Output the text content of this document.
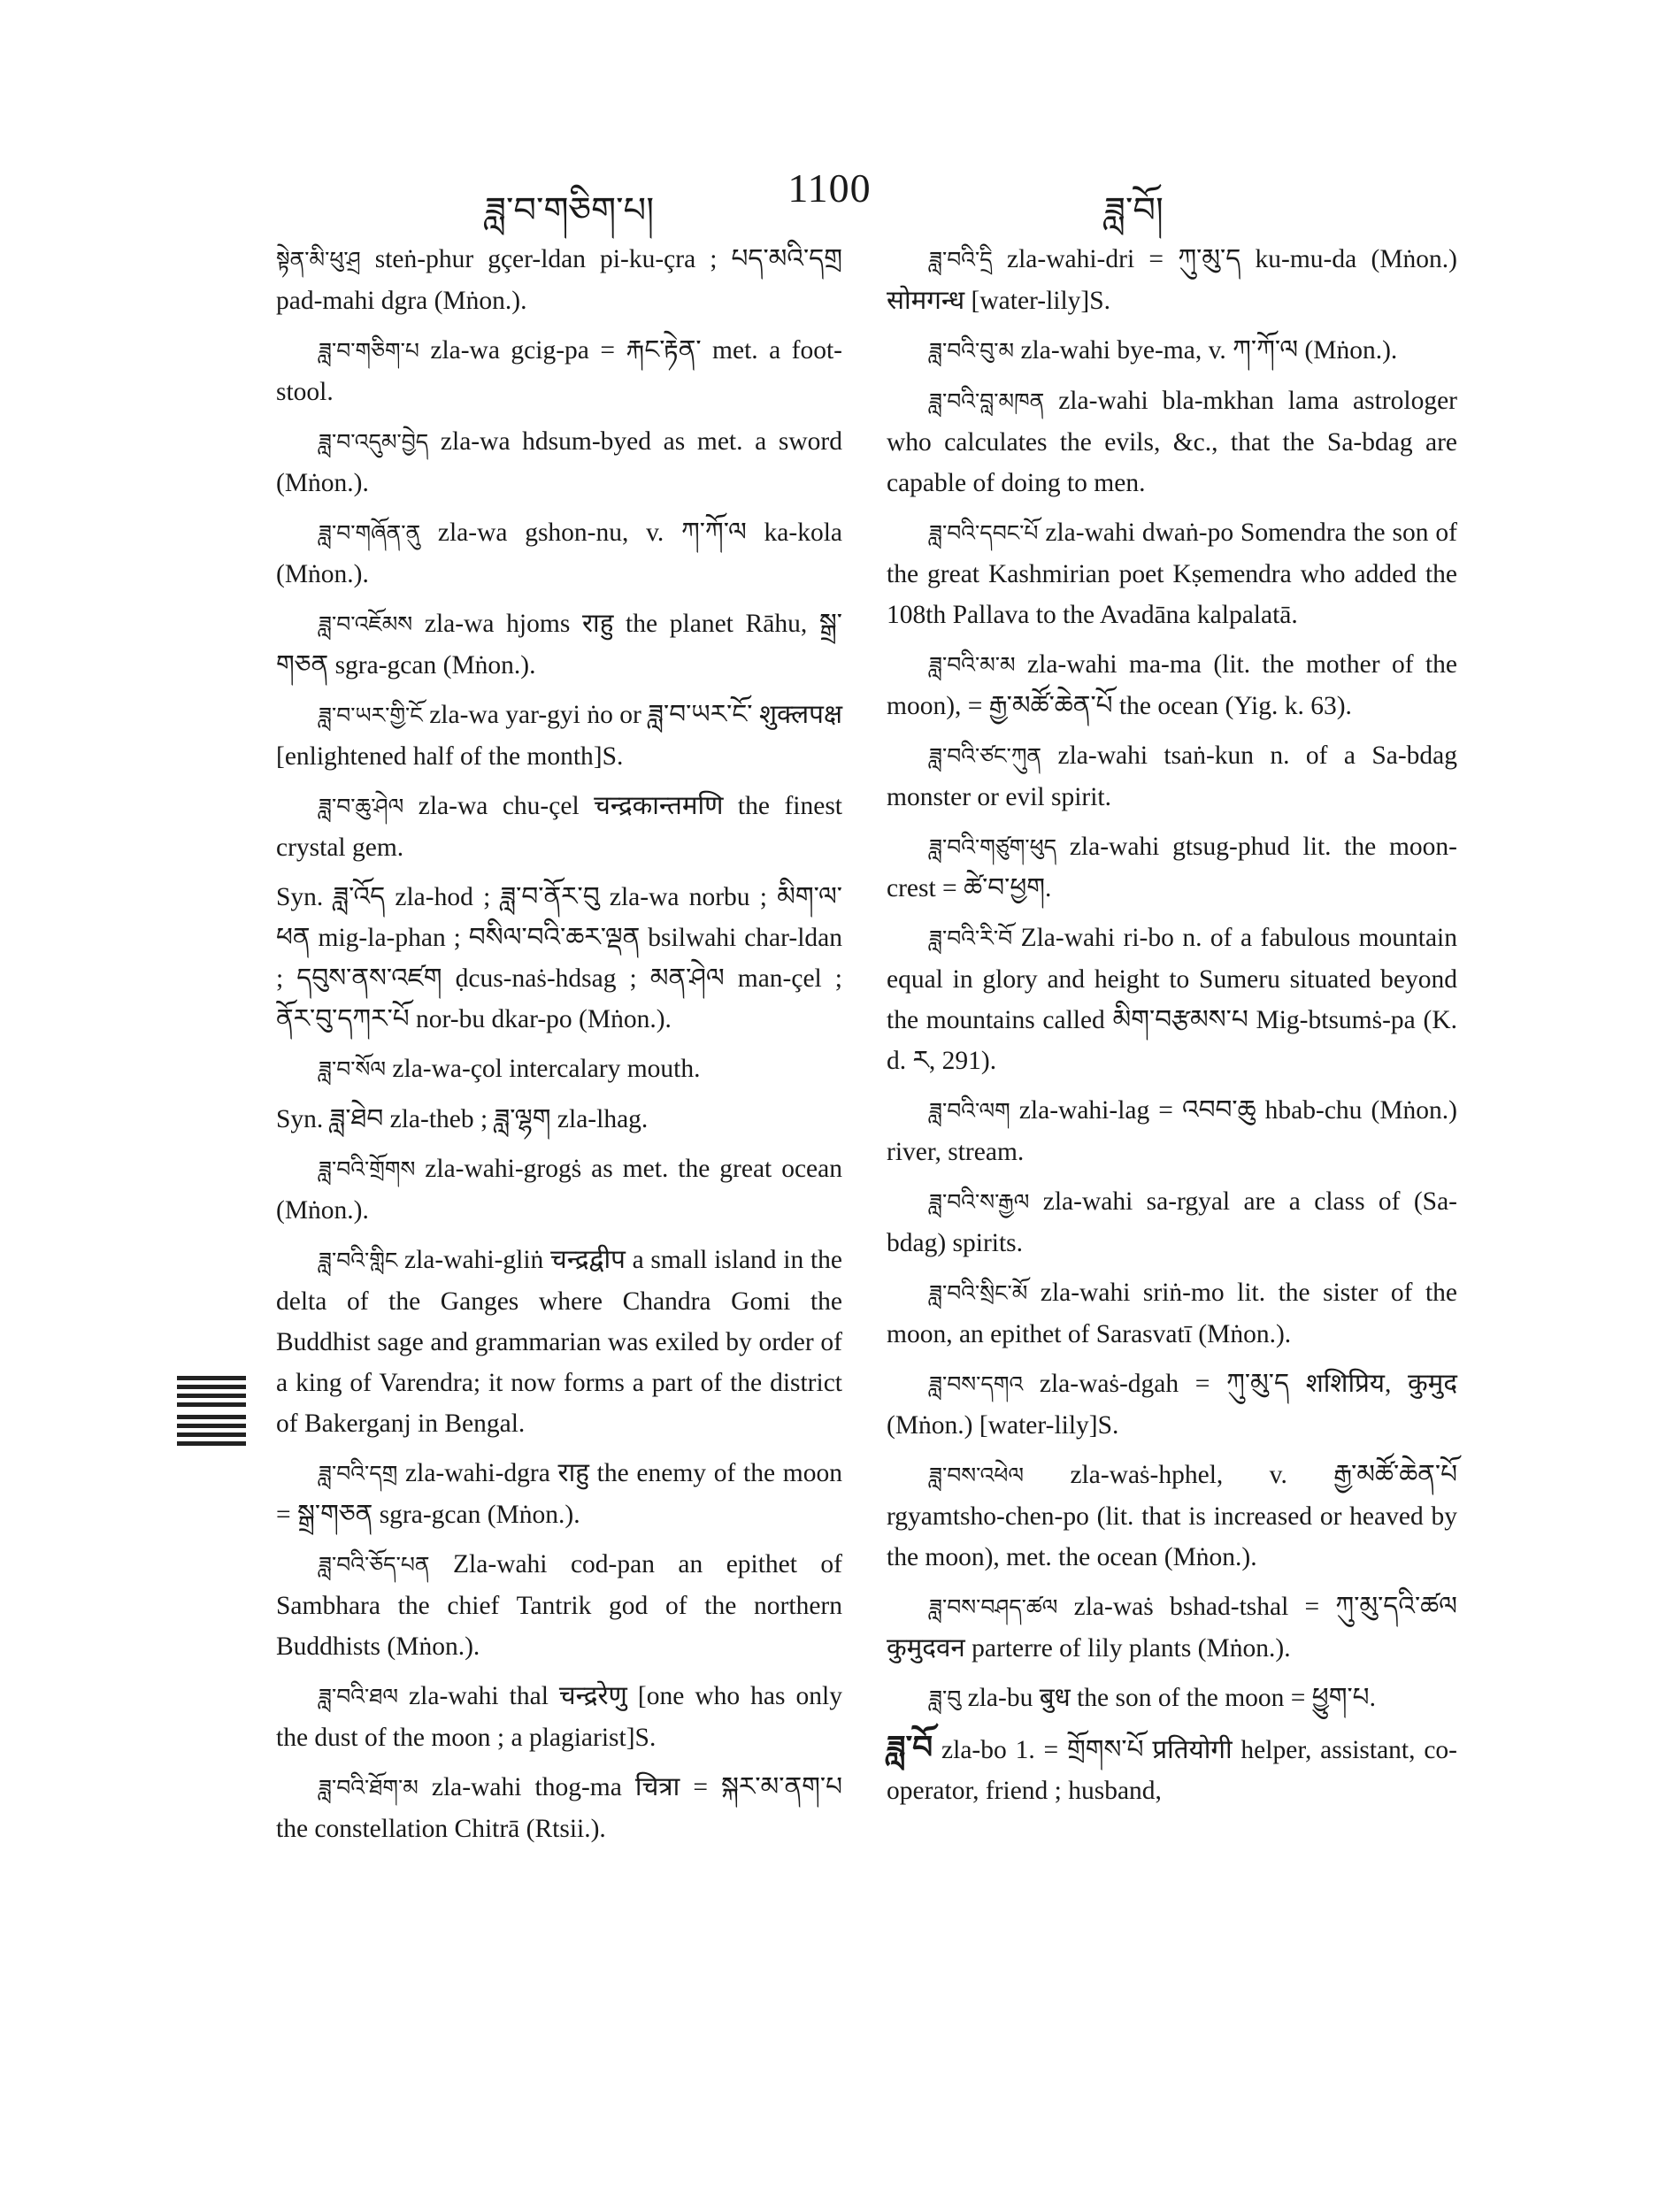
ཟླ་བ་གཅིག་པ།	1100	ཟླ་བོ།

སྟེན་མི་ཕུ་ཤྲ steṅ-phur gçer-ldan pi-ku-çra ; པད་མའི་དགྲ pad-mahi dgra (Mṅon.).

ཟླ་བ་གཅིག་པ zla-wa gcig-pa = རྐང་རྟེན་ met. a foot-stool.

ཟླ་བ་འདུམ་བྱེད zla-wa hdsum-byed as met. a sword (Mṅon.).

ཟླ་བ་གཞོན་ནུ zla-wa gshon-nu, v. ཀ་ཀོ་ལ ka-kola (Mṅon.).

ཟླ་བ་འཇོམས zla-wa hjoms राहु the planet Rāhu, སྒྲ་གཅན sgra-gcan (Mṅon.).

ཟླ་བ་ཡར་གྱི་ངོ zla-wa yar-gyi ṅo or ཟླ་བ་ཡར་ངོ་ शुक्लपक्ष [enlightened half of the month]S.

ཟླ་བ་ཆུ་ཤེལ zla-wa chu-çel चन्द्रकान्तमणि the finest crystal gem.

Syn. ཟླ་འོད zla-hod ; ཟླ་བ་ནོར་བུ zla-wa norbu ; མིག་ལ་ཕན mig-la-phan ; བསིལ་བའི་ཆར་ལྡན bsilwahi char-ldan ; དབུས་ནས་འཛག ḍcus-naṡ-hdsag ; མན་ཤེལ man-çel ; ནོར་བུ་དཀར་པོ nor-bu dkar-po (Mṅon.).

ཟླ་བ་སོལ zla-wa-çol intercalary mouth.

Syn. ཟླ་ཐེབ zla-theb ; ཟླ་ལྷག zla-lhag.

ཟླ་བའི་གྲོགས zla-wahi-grogṡ as met. the great ocean (Mṅon.).

ཟླ་བའི་གླིང zla-wahi-gliṅ चन्द्रद्वीप a small island in the delta of the Ganges where Chandra Gomi the Buddhist sage and grammarian was exiled by order of a king of Varendra; it now forms a part of the district of Bakerganj in Bengal.

ཟླ་བའི་དགྲ zla-wahi-dgra राहु the enemy of the moon = སྒྲ་གཅན sgra-gcan (Mṅon.).

ཟླ་བའི་ཅོད་པན Zla-wahi cod-pan an epithet of Sambhara the chief Tantrik god of the northern Buddhists (Mṅon.).

ཟླ་བའི་ཐལ zla-wahi thal चन्द्ररेणु [one who has only the dust of the moon ; a plagiarist]S.

ཟླ་བའི་ཐོག་མ zla-wahi thog-ma चित्रा = སྐར་མ་ནག་པ the constellation Chitrā (Rtsii.).

ཟླ་བའི་དྲི zla-wahi-dri = ཀུ་མུ་ད ku-mu-da (Mṅon.) सोमगन्ध [water-lily]S.

ཟླ་བའི་བུ་མ zla-wahi bye-ma, v. ཀ་ཀོ་ལ (Mṅon.).

ཟླ་བའི་བླ་མཁན zla-wahi bla-mkhan lama astrologer who calculates the evils, &c., that the Sa-bdag are capable of doing to men.

ཟླ་བའི་དབང་པོ zla-wahi dwaṅ-po Somendra the son of the great Kashmirian poet Kṣemendra who added the 108th Pallava to the Avadāna kalpalatā.

ཟླ་བའི་མ་མ zla-wahi ma-ma (lit. the mother of the moon), = རྒྱ་མཚོ་ཆེན་པོ the ocean (Yig. k. 63).

ཟླ་བའི་ཙང་ཀུན zla-wahi tsaṅ-kun n. of a Sa-bdag monster or evil spirit.

ཟླ་བའི་གཙུག་ཕུད zla-wahi gtsug-phud lit. the moon-crest = ཚེ་བ་ཕྱག.

ཟླ་བའི་རི་བོ Zla-wahi ri-bo n. of a fabulous mountain equal in glory and height to Sumeru situated beyond the mountains called མིག་བརྩམས་པ Mig-btsumṡ-pa (K. d. ར, 291).

ཟླ་བའི་ལག zla-wahi-lag = འབབ་ཆུ hbab-chu (Mṅon.) river, stream.

ཟླ་བའི་ས་རྒྱལ zla-wahi sa-rgyal are a class of (Sa-bdag) spirits.

ཟླ་བའི་སྲིང་མོ zla-wahi sriṅ-mo lit. the sister of the moon, an epithet of Sarasvatī (Mṅon.).

ཟླ་བས་དགའ zla-waṡ-dgah = ཀུ་མུ་ད शशिप्रिय, कुमुद (Mṅon.) [water-lily]S.

ཟླ་བས་འཕེལ zla-waṡ-hphel, v. རྒྱ་མཚོ་ཆེན་པོ rgyamtsho-chen-po (lit. that is increased or heaved by the moon), met. the ocean (Mṅon.).

ཟླ་བས་བཤད་ཚལ zla-waṡ bshad-tshal = ཀུ་མུ་དའི་ཚལ कुमुदवन parterre of lily plants (Mṅon.).

ཟླ་བུ zla-bu बुध the son of the moon = ཕྱུག་པ.

ཟླ་བོ zla-bo 1. = གྲོགས་པོ प्रतियोगी helper, assistant, co-operator, friend ; husband,
